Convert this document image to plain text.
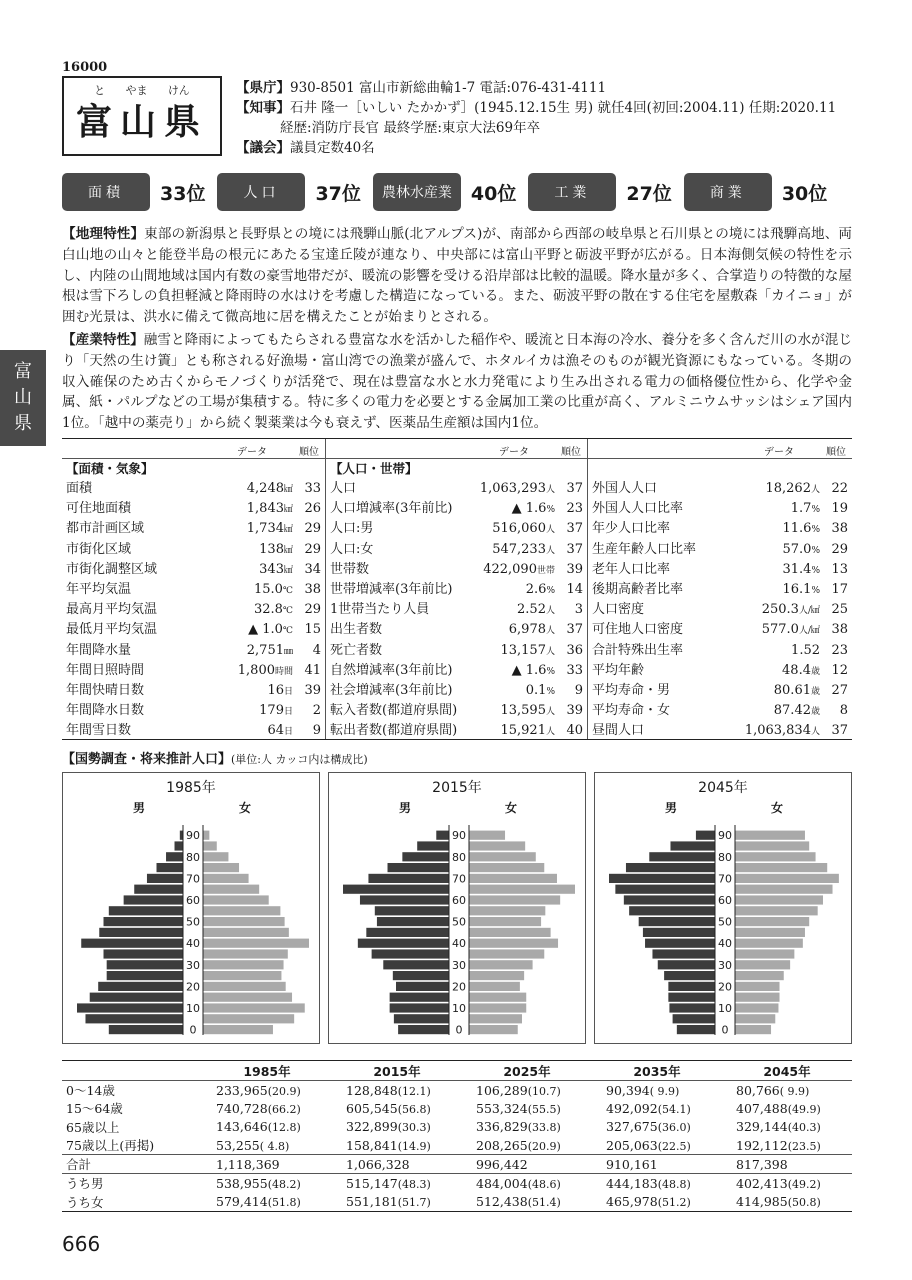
16000
と やま けん
富山県
【県庁】930-8501 富山市新総曲輪1-7 電話:076-431-4111
【知事】石井 隆一［いしい たかかず］(1945.12.15生 男) 就任4回(初回:2004.11) 任期:2020.11
経歴:消防庁長官 最終学歴:東京大法69年卒
【議会】議員定数40名
面積	33位	人口	37位	農林水産業	40位	工業	27位	商業	30位
【地理特性】東部の新潟県と長野県との境には飛騨山脈(北アルプス)が、南部から西部の岐阜県と石川県との境には飛騨高地、両白山地の山々と能登半島の根元にあたる宝達丘陵が連なり、中央部には富山平野と砺波平野が広がる。日本海側気候の特性を示し、内陸の山間地域は国内有数の豪雪地帯だが、暖流の影響を受ける沿岸部は比較的温暖。降水量が多く、合掌造りの特徴的な屋根は雪下ろしの負担軽減と降雨時の水はけを考慮した構造になっている。また、砺波平野の散在する住宅を屋敷森「カイニョ」が囲む光景は、洪水に備えて微高地に居を構えたことが始まりとされる。
【産業特性】融雪と降雨によってもたらされる豊富な水を活かした稲作や、暖流と日本海の冷水、養分を多く含んだ川の水が混じり「天然の生け簀」とも称される好漁場・富山湾での漁業が盛んで、ホタルイカは漁そのものが観光資源にもなっている。冬期の収入確保のため古くからモノづくりが活発で、現在は豊富な水と水力発電により生み出される電力の価格優位性から、化学や金属、紙・パルプなどの工場が集積する。特に多くの電力を必要とする金属加工業の比重が高く、アルミニウムサッシはシェア国内1位。「越中の薬売り」から続く製薬業は今も衰えず、医薬品生産額は国内1位。
富
山
県
データ	順位
【面積・気象】
面積	4,248㎢ 33
可住地面積	1,843㎢ 26
都市計画区域	1,734㎢ 29
市街化区域	138㎢ 29
市街化調整区域	343㎢ 34
年平均気温	15.0℃ 38
最高月平均気温	32.8℃ 29
最低月平均気温	▲ 1.0℃ 15
年間降水量	2,751㎜ 4
年間日照時間	1,800時間 41
年間快晴日数	16日 39
年間降水日数	179日 2
年間雪日数	64日 9
データ	順位
【人口・世帯】
人口	1,063,293人 37
人口増減率(3年前比)	▲ 1.6% 23
人口:男	516,060人 37
人口:女	547,233人 37
世帯数	422,090世帯 39
世帯増減率(3年前比)	2.6% 14
1世帯当たり人員	2.52人 3
出生者数	6,978人 37
死亡者数	13,157人 36
自然増減率(3年前比)	▲ 1.6% 33
社会増減率(3年前比)	0.1% 9
転入者数(都道府県間)	13,595人 39
転出者数(都道府県間)	15,921人 40
データ	順位
外国人人口	18,262人 22
外国人人口比率	1.7% 19
年少人口比率	11.6% 38
生産年齢人口比率	57.0% 29
老年人口比率	31.4% 13
後期高齢者比率	16.1% 17
人口密度	250.3人/㎢ 25
可住地人口密度	577.0人/㎢ 38
合計特殊出生率	1.52 23
平均年齢	48.4歳 12
平均寿命・男	80.61歳 27
平均寿命・女	87.42歳 8
昼間人口	1,063,834人 37
【国勢調査・将来推計人口】(単位:人 カッコ内は構成比)
1985年
男	女
0
10
20
30
40
50
60
70
80
90
2015年
男	女
0
10
20
30
40
50
60
70
80
90
2045年
男	女
0
10
20
30
40
50
60
70
80
90
	1985年	2015年	2025年	2035年	2045年
0～14歳	233,965(20.9)	128,848(12.1)	106,289(10.7)	90,394( 9.9)	80,766( 9.9)
15～64歳	740,728(66.2)	605,545(56.8)	553,324(55.5)	492,092(54.1)	407,488(49.9)
65歳以上	143,646(12.8)	322,899(30.3)	336,829(33.8)	327,675(36.0)	329,144(40.3)
75歳以上(再掲)	53,255( 4.8)	158,841(14.9)	208,265(20.9)	205,063(22.5)	192,112(23.5)
合計	1,118,369	1,066,328	996,442	910,161	817,398
うち男	538,955(48.2)	515,147(48.3)	484,004(48.6)	444,183(48.8)	402,413(49.2)
うち女	579,414(51.8)	551,181(51.7)	512,438(51.4)	465,978(51.2)	414,985(50.8)
666
